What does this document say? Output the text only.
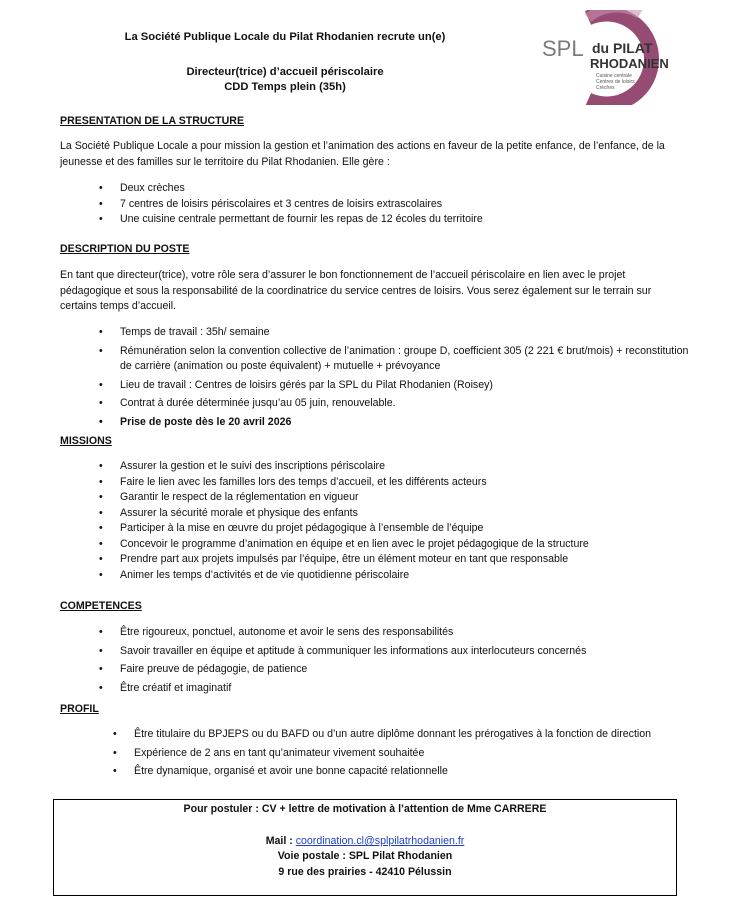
La Société Publique Locale du Pilat Rhodanien recrute un(e)
Directeur(trice) d’accueil périscolaire
CDD Temps plein (35h)
SPL du PILAT
RHODANIEN
Cuisine centrale
Centres de loisirs
Crèches
PRESENTATION DE LA STRUCTURE
La Société Publique Locale a pour mission la gestion et l’animation des actions en faveur de la petite enfance, de l’enfance, de la jeunesse et des familles sur le territoire du Pilat Rhodanien. Elle gère :
• Deux crèches
• 7 centres de loisirs périscolaires et 3 centres de loisirs extrascolaires
• Une cuisine centrale permettant de fournir les repas de 12 écoles du territoire
DESCRIPTION DU POSTE
En tant que directeur(trice), votre rôle sera d’assurer le bon fonctionnement de l’accueil périscolaire en lien avec le projet pédagogique et sous la responsabilité de la coordinatrice du service centres de loisirs. Vous serez également sur le terrain sur certains temps d’accueil.
• Temps de travail : 35h/ semaine
• Rémunération selon la convention collective de l’animation : groupe D, coefficient 305 (2 221 € brut/mois) + reconstitution de carrière (animation ou poste équivalent) + mutuelle + prévoyance
• Lieu de travail : Centres de loisirs gérés par la SPL du Pilat Rhodanien (Roisey)
• Contrat à durée déterminée jusqu’au 05 juin, renouvelable.
• Prise de poste dès le 20 avril 2026
MISSIONS
• Assurer la gestion et le suivi des inscriptions périscolaire
• Faire le lien avec les familles lors des temps d’accueil, et les différents acteurs
• Garantir le respect de la réglementation en vigueur
• Assurer la sécurité morale et physique des enfants
• Participer à la mise en œuvre du projet pédagogique à l’ensemble de l’équipe
• Concevoir le programme d’animation en équipe et en lien avec le projet pédagogique de la structure
• Prendre part aux projets impulsés par l’équipe, être un élément moteur en tant que responsable
• Animer les temps d’activités et de vie quotidienne périscolaire
COMPETENCES
• Être rigoureux, ponctuel, autonome et avoir le sens des responsabilités
• Savoir travailler en équipe et aptitude à communiquer les informations aux interlocuteurs concernés
• Faire preuve de pédagogie, de patience
• Être créatif et imaginatif
PROFIL
• Être titulaire du BPJEPS ou du BAFD ou d’un autre diplôme donnant les prérogatives à la fonction de direction
• Expérience de 2 ans en tant qu’animateur vivement souhaitée
• Être dynamique, organisé et avoir une bonne capacité relationnelle
Pour postuler : CV + lettre de motivation à l’attention de Mme CARRERE
Mail : coordination.cl@splpilatrhodanien.fr
Voie postale : SPL Pilat Rhodanien
9 rue des prairies - 42410 Pélussin
